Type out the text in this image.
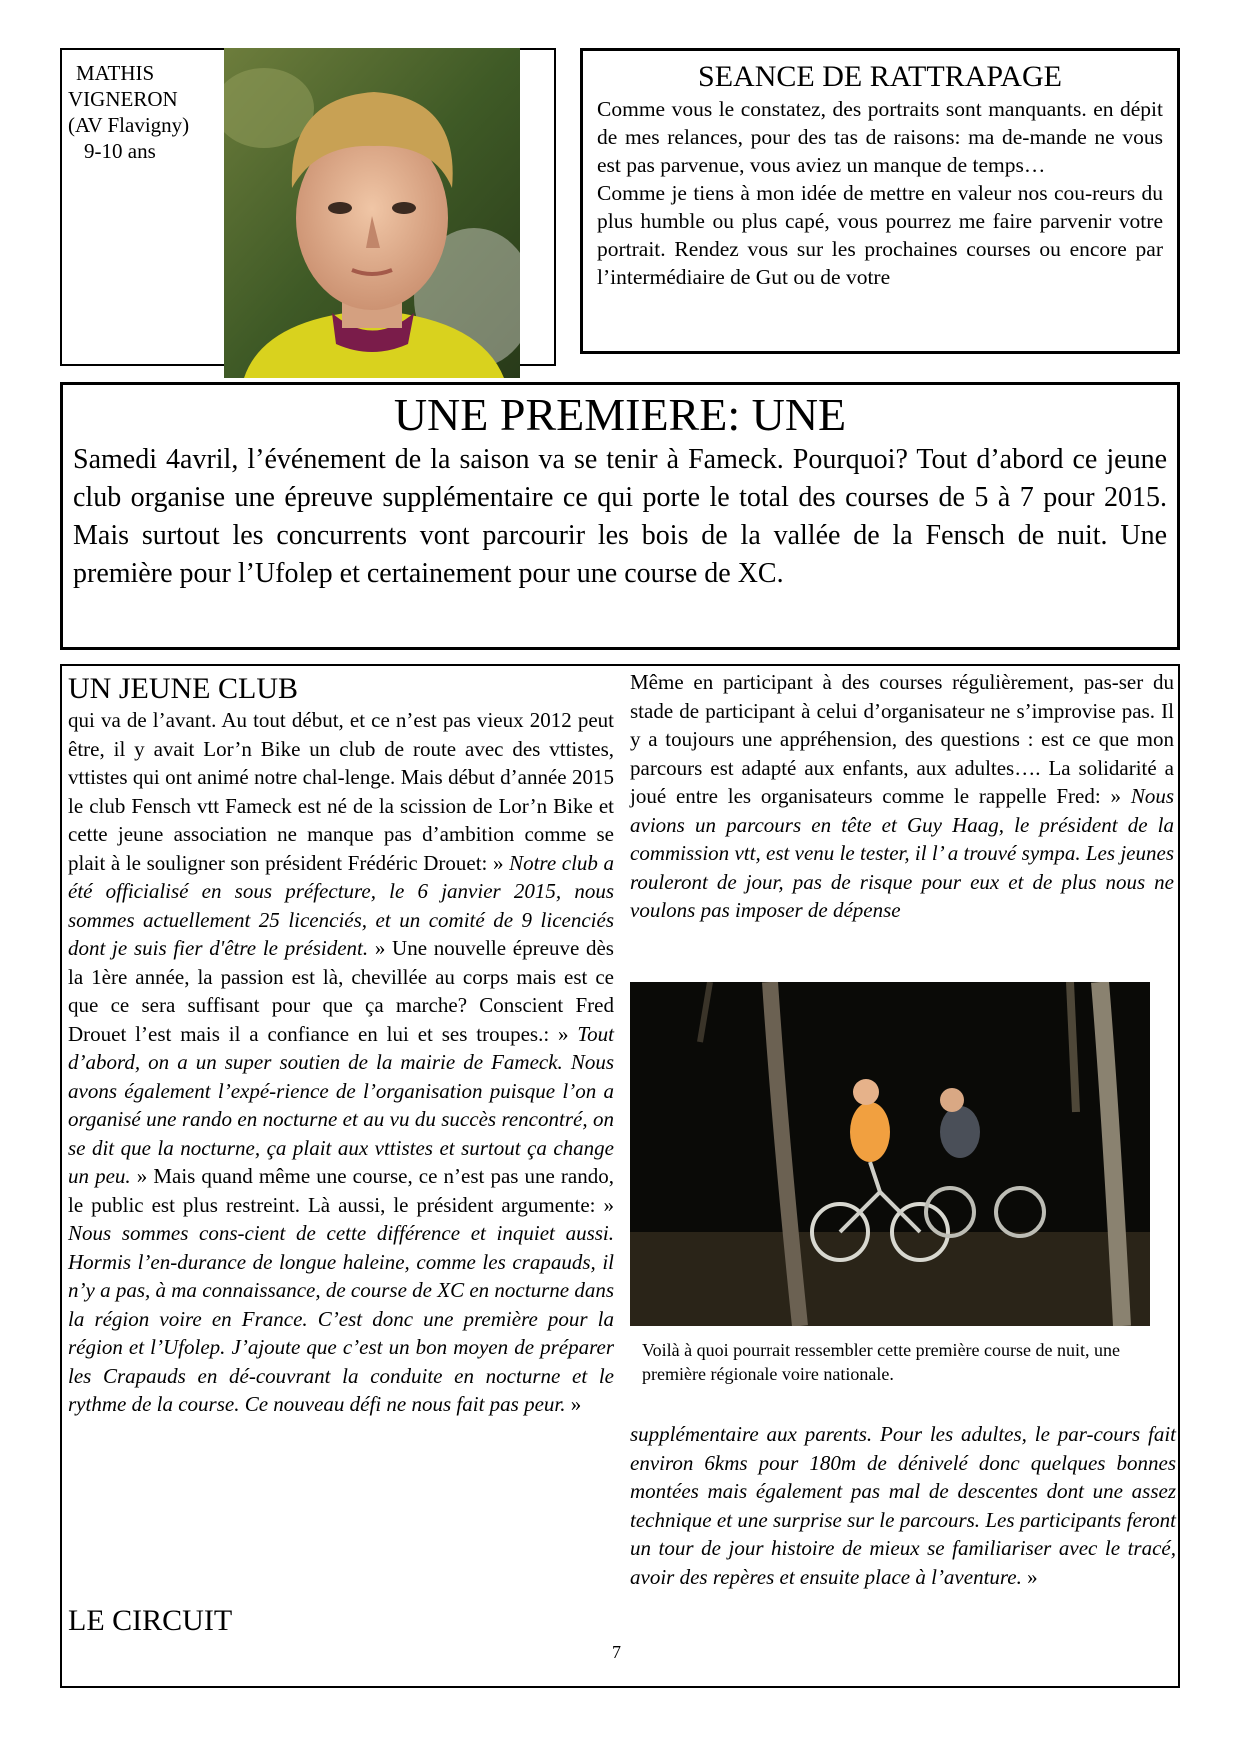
MATHIS
VIGNERON
(AV Flavigny)
9-10 ans
SEANCE DE RATTRAPAGE

Comme vous le constatez, des portraits sont manquants. en dépit de mes relances, pour des tas de raisons: ma de-mande ne vous est pas parvenue, vous aviez un manque de temps…

Comme je tiens à mon idée de mettre en valeur nos cou-reurs du plus humble ou plus capé, vous pourrez me faire parvenir votre portrait. Rendez vous sur les prochaines courses ou encore par l’intermédiaire de Gut ou de votre

UNE PREMIERE: UNE

Samedi 4avril, l’événement de la saison va se tenir à Fameck. Pourquoi? Tout d’abord ce jeune club organise une épreuve supplémentaire ce qui porte le total des courses de 5 à 7 pour 2015. Mais surtout les concurrents vont parcourir les bois de la vallée de la Fensch de nuit. Une première pour l’Ufolep et certainement pour une course de XC.

UN JEUNE CLUB

qui va de l’avant. Au tout début, et ce n’est pas vieux 2012 peut être, il y avait Lor’n Bike un club de route avec des vttistes, vttistes qui ont animé notre chal-lenge. Mais début d’année 2015 le club Fensch vtt Fameck est né de la scission de Lor’n Bike et cette jeune association ne manque pas d’ambition comme se plait à le souligner son président Frédéric Drouet: » Notre club a été officialisé en sous préfecture, le 6 janvier 2015, nous sommes actuellement 25 licenciés, et un comité de 9 licenciés dont je suis fier d'être le président. » Une nouvelle épreuve dès la 1ère année, la passion est là, chevillée au corps mais est ce que ce sera suffisant pour que ça marche? Conscient Fred Drouet l’est mais il a confiance en lui et ses troupes.: » Tout d’abord, on a un super soutien de la mairie de Fameck. Nous avons également l’expé-rience de l’organisation puisque l’on a organisé une rando en nocturne et au vu du succès rencontré, on se dit que la nocturne, ça plait aux vttistes et surtout ça change un peu. » Mais quand même une course, ce n’est pas une rando, le public est plus restreint. Là aussi, le président argumente: » Nous sommes cons-cient de cette différence et inquiet aussi. Hormis l’en-durance de longue haleine, comme les crapauds, il n’y a pas, à ma connaissance, de course de XC en nocturne dans la région voire en France. C’est donc une première pour la région et l’Ufolep. J’ajoute que c’est un bon moyen de préparer les Crapauds en dé-couvrant la conduite en nocturne et le rythme de la course. Ce nouveau défi ne nous fait pas peur. »

LE CIRCUIT

Même en participant à des courses régulièrement, pas-ser du stade de participant à celui d’organisateur ne s’improvise pas. Il y a toujours une appréhension, des questions : est ce que mon parcours est adapté aux enfants, aux adultes…. La solidarité a joué entre les organisateurs comme le rappelle Fred: » Nous avions un parcours en tête et Guy Haag, le président de la commission vtt, est venu le tester, il l’ a trouvé sympa. Les jeunes rouleront de jour, pas de risque pour eux et de plus nous ne voulons pas imposer de dépense

Voilà à quoi pourrait ressembler cette première course de nuit, une première régionale voire nationale.

supplémentaire aux parents. Pour les adultes, le par-cours fait environ 6kms pour 180m de dénivelé donc quelques bonnes montées mais également pas mal de descentes dont une assez technique et une surprise sur le parcours. Les participants feront un tour de jour histoire de mieux se familiariser avec le tracé, avoir des repères et ensuite place à l’aventure. »

7
